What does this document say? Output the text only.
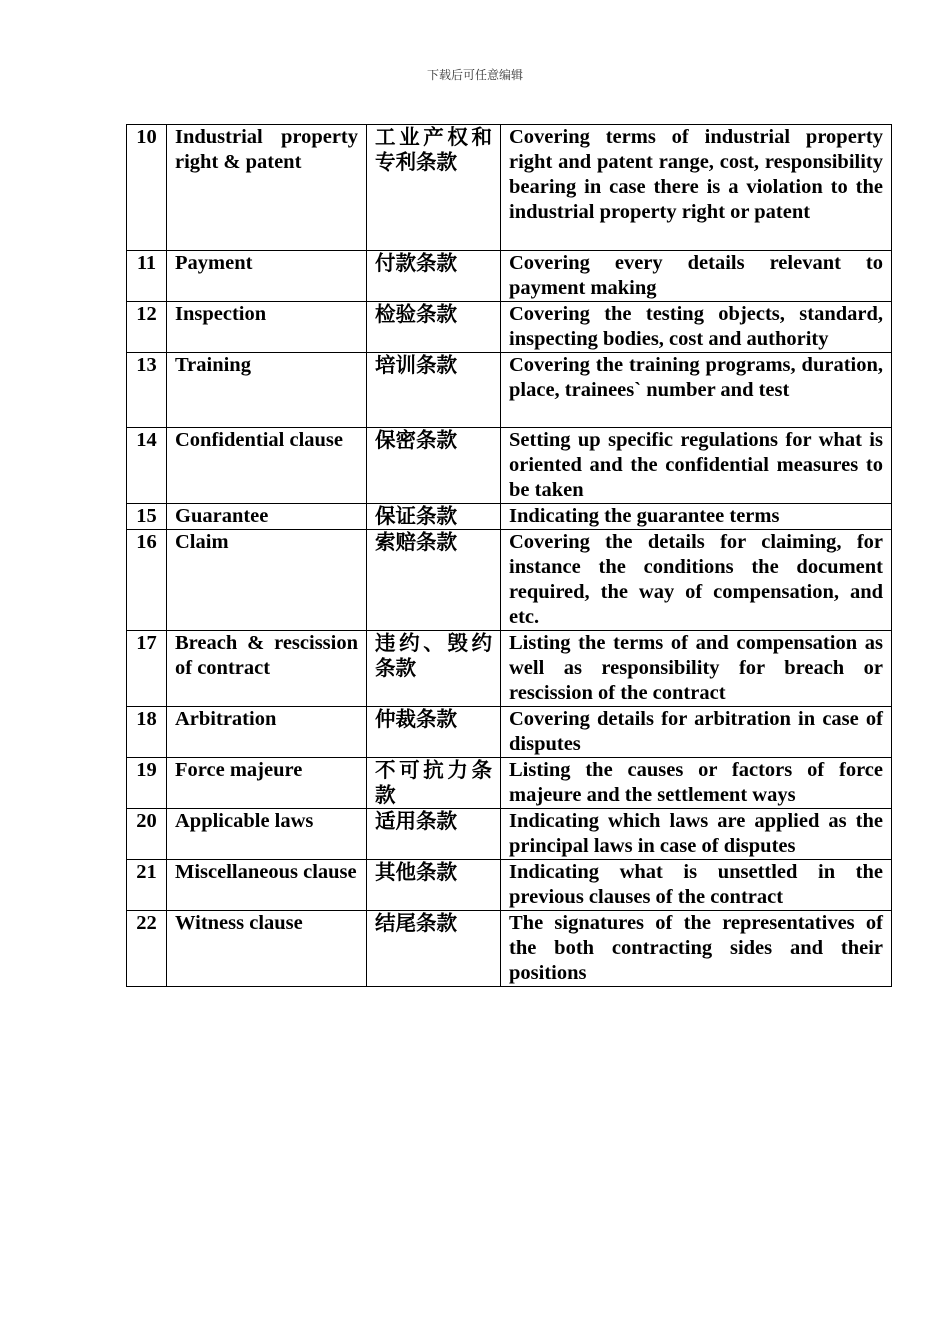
下载后可任意编辑
10	Industrial property right & patent	工业产权和专利条款	Covering terms of industrial property right and patent range, cost, responsibility bearing in case there is a violation to the industrial property right or patent
11	Payment	付款条款	Covering every details relevant to payment making
12	Inspection	检验条款	Covering the testing objects, standard, inspecting bodies, cost and authority
13	Training	培训条款	Covering the training programs, duration, place, trainees` number and test
14	Confidential clause	保密条款	Setting up specific regulations for what is oriented and the confidential measures to be taken
15	Guarantee	保证条款	Indicating the guarantee terms
16	Claim	索赔条款	Covering the details for claiming, for instance the conditions the document required, the way of compensation, and etc.
17	Breach & rescission of contract	违约、毁约条款	Listing the terms of and compensation as well as responsibility for breach or rescission of the contract
18	Arbitration	仲裁条款	Covering details for arbitration in case of disputes
19	Force majeure	不可抗力条款	Listing the causes or factors of force majeure and the settlement ways
20	Applicable laws	适用条款	Indicating which laws are applied as the principal laws in case of disputes
21	Miscellaneous clause	其他条款	Indicating what is unsettled in the previous clauses of the contract
22	Witness clause	结尾条款	The signatures of the representatives of the both contracting sides and their positions
